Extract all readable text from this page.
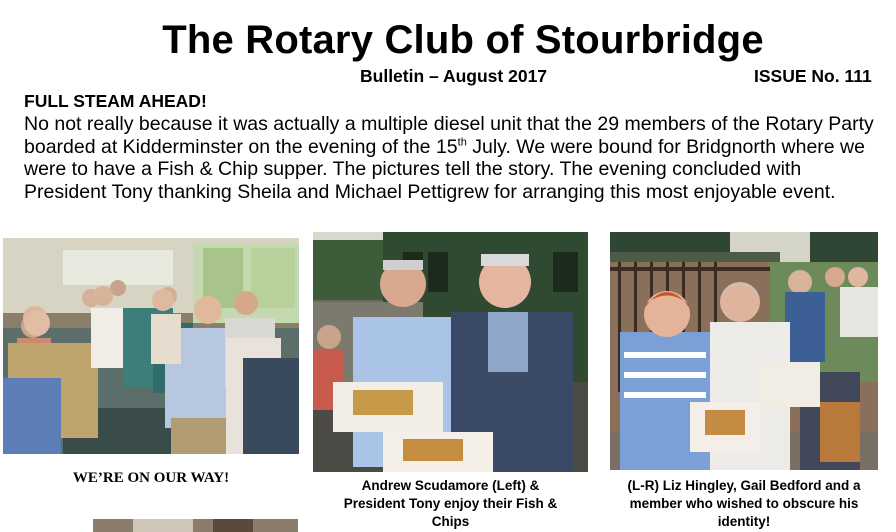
The Rotary Club of Stourbridge
Bulletin – August 2017	ISSUE No. 111
FULL STEAM AHEAD!

No not really because it was actually a multiple diesel unit that the 29 members of the Rotary Party

boarded at Kidderminster on the evening of the 15th July. We were bound for Bridgnorth where we

were to have a Fish & Chip supper. The pictures tell the story. The evening concluded with

President Tony thanking Sheila and Michael Pettigrew for arranging this most enjoyable event.

WE’RE ON OUR WAY!	Andrew Scudamore (Left) & President Tony enjoy their Fish & Chips
(L-R) Liz Hingley, Gail Bedford and a member who wished to obscure his identity!
